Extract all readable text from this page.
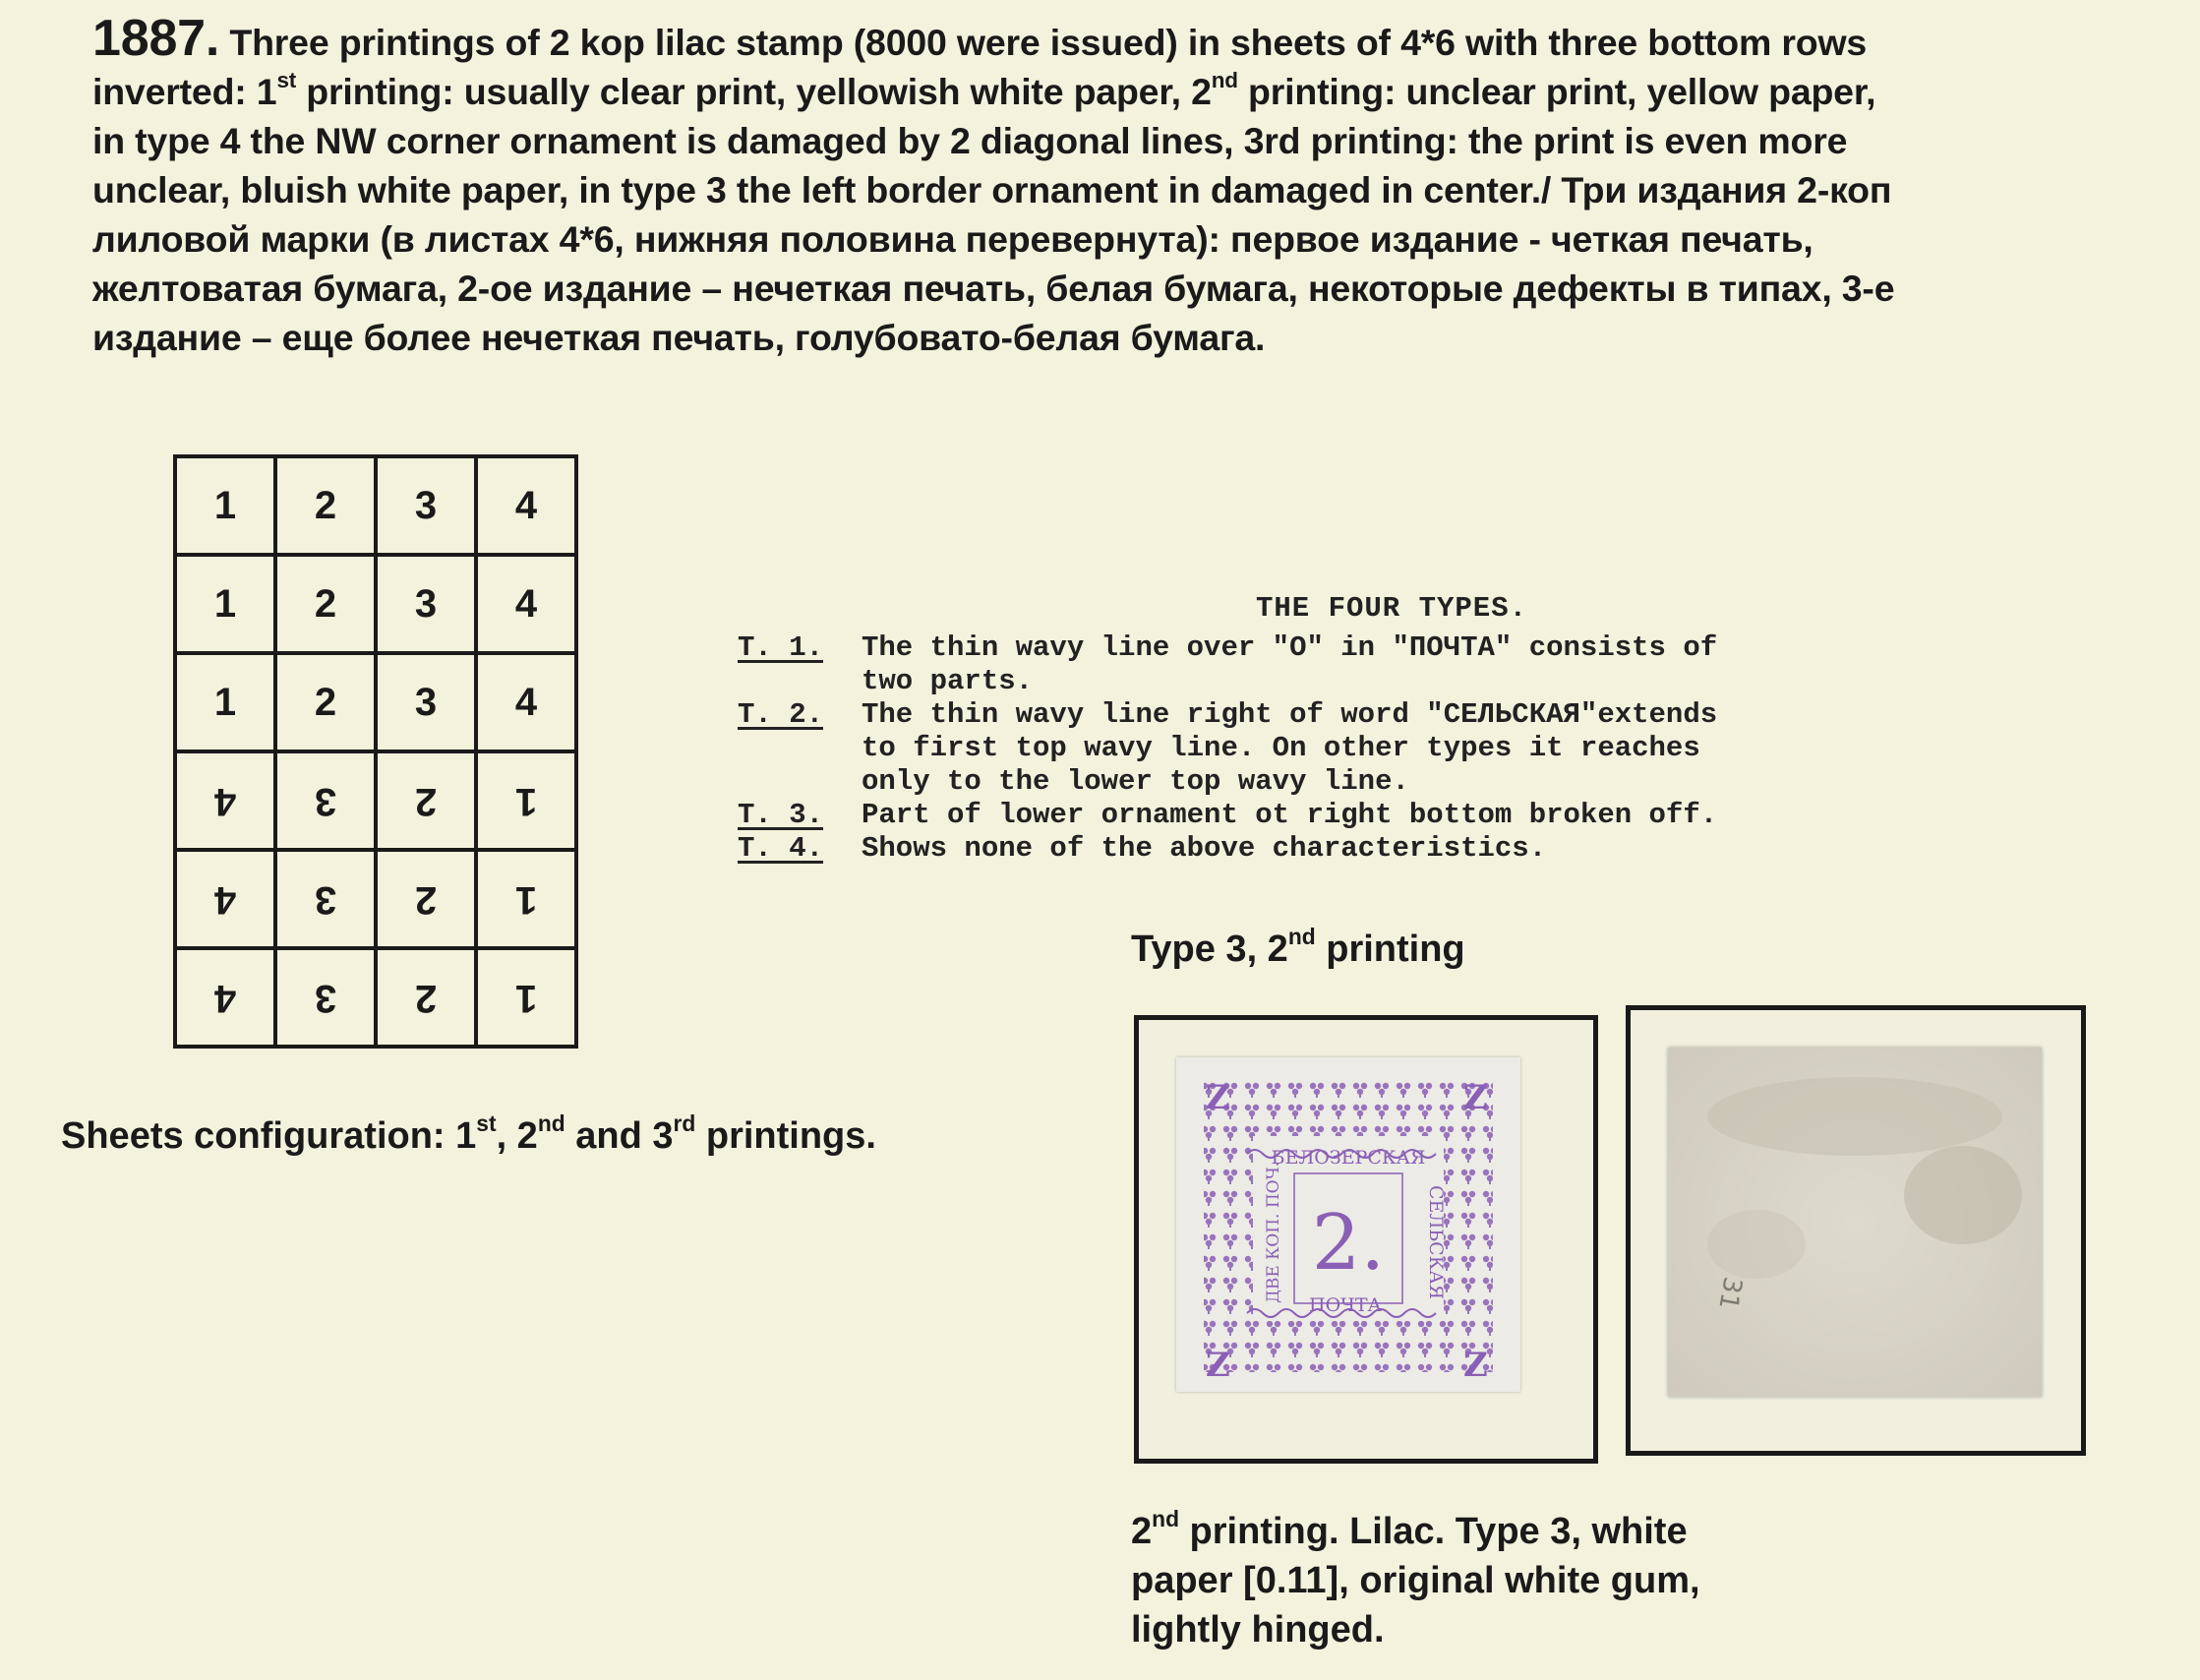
1887. Three printings of 2 kop lilac stamp (8000 were issued) in sheets of 4*6 with three bottom rows
inverted: 1st printing: usually clear print, yellowish white paper, 2nd printing: unclear print, yellow paper,
in type 4 the NW corner ornament is damaged by 2 diagonal lines, 3rd printing: the print is even more
unclear, bluish white paper, in type 3 the left border ornament in damaged in center./ Три издания 2-коп
лиловой марки (в листах 4*6, нижняя половина перевернута): первое издание - четкая печать,
желтоватая бумага, 2-ое издание – нечеткая печать, белая бумага, некоторые дефекты в типах, 3-е
издание – еще более нечеткая печать, голубовато-белая бумага.
1	2	3	4
1	2	3	4
1	2	3	4
4	3	2	1
4	3	2	1
4	3	2	1
Sheets configuration: 1st, 2nd and 3rd printings.
THE FOUR TYPES.
T. 1.	The thin wavy line over "O" in "ПОЧТА" consists of
two parts.
T. 2.	The thin wavy line right of word "СЕЛЬСКАЯ"extends
to first top wavy line. On other types it reaches
only to the lower top wavy line.
T. 3.	Part of lower ornament ot right bottom broken off.
T. 4.	Shows none of the above characteristics.
Type 3, 2nd printing
Z	Z
Z	Z
БЕЛОЗЕРСКАЯ
2.
ПОЧТА.
СЕЛЬСКАЯ
ДВЕ КОП. ПОЧ.	31
2nd printing. Lilac. Type 3, white
paper [0.11], original white gum,
lightly hinged.
